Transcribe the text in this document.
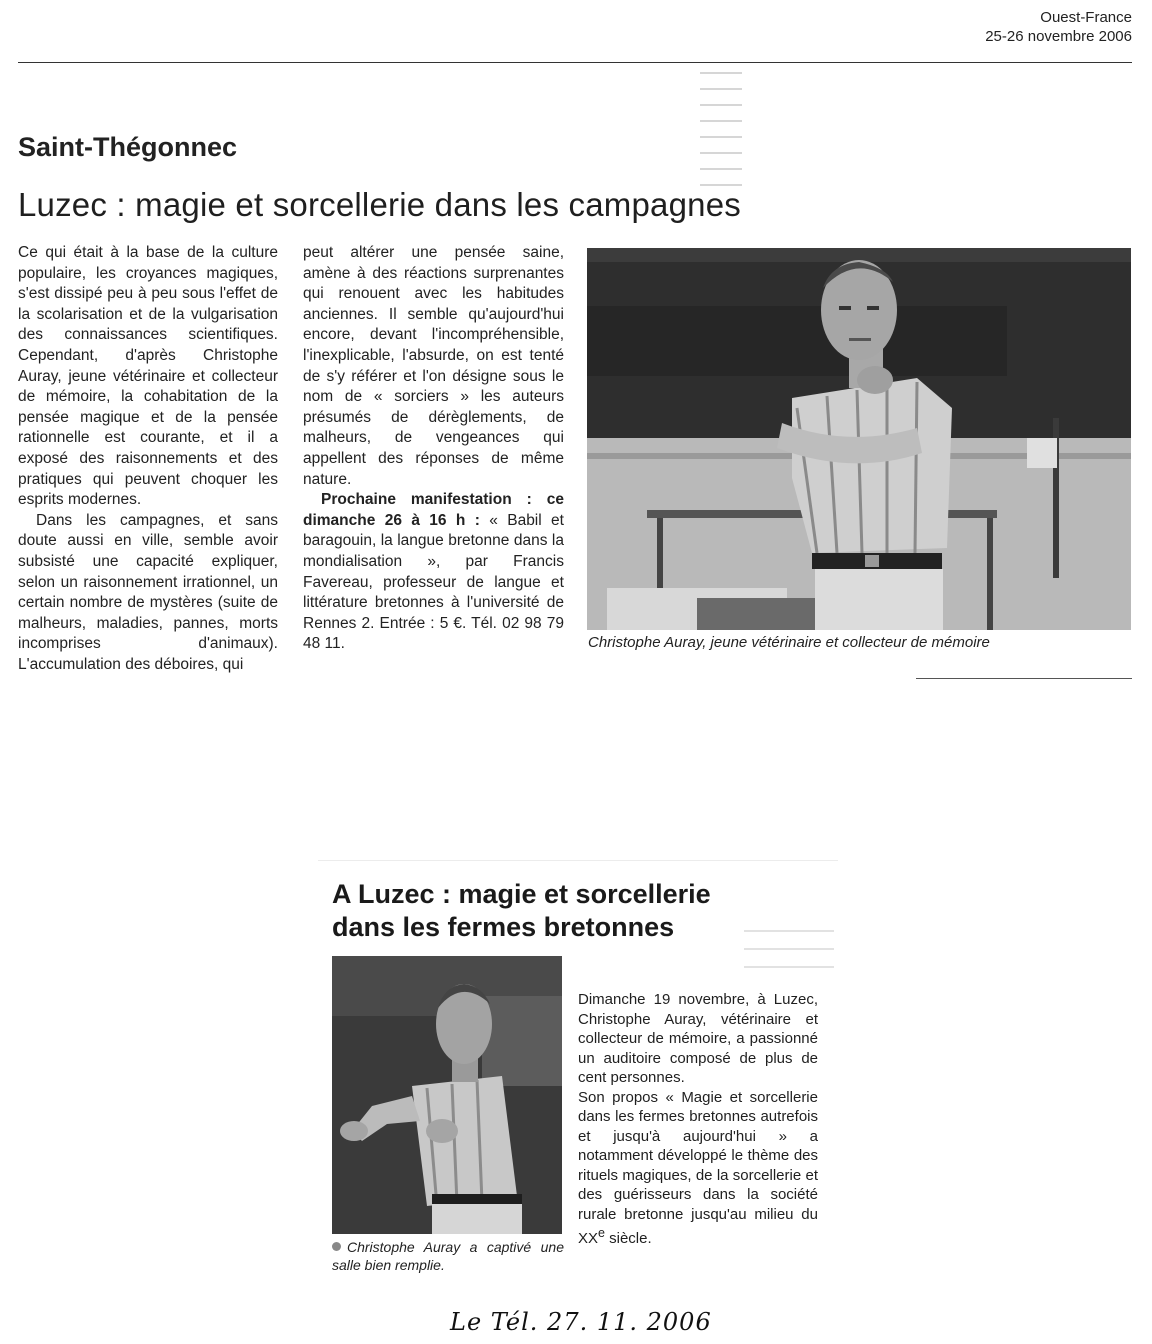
Ouest-France
25-26 novembre 2006
Saint-Thégonnec
Luzec : magie et sorcellerie dans les campagnes

Ce qui était à la base de la culture populaire, les croyances magiques, s'est dissipé peu à peu sous l'effet de la scolarisation et de la vulgarisation des connaissances scientifiques. Cependant, d'après Christophe Auray, jeune vétérinaire et collecteur de mémoire, la cohabitation de la pensée magique et de la pensée rationnelle est courante, et il a exposé des raisonnements et des pratiques qui peuvent choquer les esprits modernes.

Dans les campagnes, et sans doute aussi en ville, semble avoir subsisté une capacité expliquer, selon un raisonnement irrationnel, un certain nombre de mystères (suite de malheurs, maladies, pannes, morts incomprises d'animaux). L'accumulation des déboires, qui

peut altérer une pensée saine, amène à des réactions surprenantes qui renouent avec les habitudes anciennes. Il semble qu'aujourd'hui encore, devant l'incompréhensible, l'inexplicable, l'absurde, on est tenté de s'y référer et l'on désigne sous le nom de « sorciers » les auteurs présumés de dérèglements, de malheurs, de vengeances qui appellent des réponses de même nature.

Prochaine manifestation : ce dimanche 26 à 16 h : « Babil et baragouin, la langue bretonne dans la mondialisation », par Francis Favereau, professeur de langue et littérature bretonnes à l'université de Rennes 2. Entrée : 5 €. Tél. 02 98 79 48 11.	Christophe Auray, jeune vétérinaire et collecteur de mémoire
A Luzec : magie et sorcellerie
dans les fermes bretonnes
Christophe Auray a captivé une salle bien remplie.

Dimanche 19 novembre, à Luzec, Christophe Auray, vétérinaire et collecteur de mémoire, a passionné un auditoire composé de plus de cent personnes.

Son propos « Magie et sorcellerie dans les fermes bretonnes autrefois et jusqu'à aujourd'hui » a notamment développé le thème des rituels magiques, de la sorcellerie et des guérisseurs dans la société rurale bretonne jusqu'au milieu du XXe siècle.

Le Tél. 27. 11. 2006
